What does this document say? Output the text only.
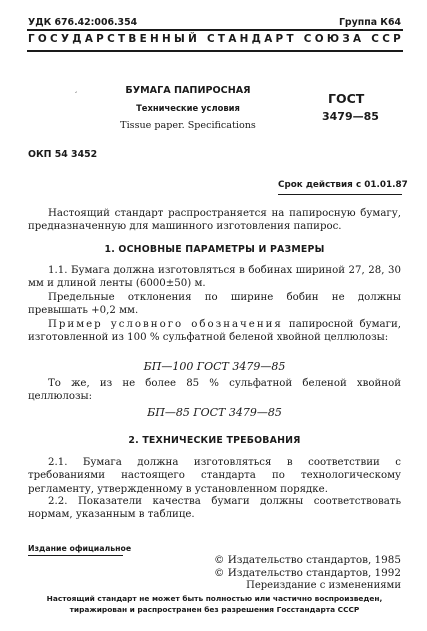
УДК 676.42:006.354	Группа К64
ГОСУДАРСТВЕННЫЙ СТАНДАРТ СОЮЗА ССР
‘	БУМАГА ПАПИРОСНАЯ
Технические условия
Tissue paper. Specifications
ГОСТ
3479—85
ОКП 54 3452
Срок действия с 01.01.87
Настоящий стандарт распространяется на папиросную бумагу, предназначенную для машинного изготовления папирос.
1. ОСНОВНЫЕ ПАРАМЕТРЫ И РАЗМЕРЫ
1.1. Бумага должна изготовляться в бобинах шириной 27, 28, 30 мм и длиной ленты (6000±50) м.
Предельные отклонения по ширине бобин не должны превышать +0,2 мм.
Пример условного обозначения папиросной бумаги, изготовленной из 100 % сульфатной беленой хвойной целлюлозы:
БП—100 ГОСТ 3479—85
То же, из не более 85 % сульфатной беленой хвойной целлюлозы:
БП—85 ГОСТ 3479—85
2. ТЕХНИЧЕСКИЕ ТРЕБОВАНИЯ
2.1. Бумага должна изготовляться в соответствии с требованиями настоящего стандарта по технологическому регламенту, утвержденному в установленном порядке.
2.2. Показатели качества бумаги должны соответствовать нормам, указанным в таблице.
Издание официальное
© Издательство стандартов, 1985
© Издательство стандартов, 1992
Переиздание с изменениями
Настоящий стандарт не может быть полностью или частично воспроизведен,
тиражирован и распространен без разрешения Госстандарта СССР
